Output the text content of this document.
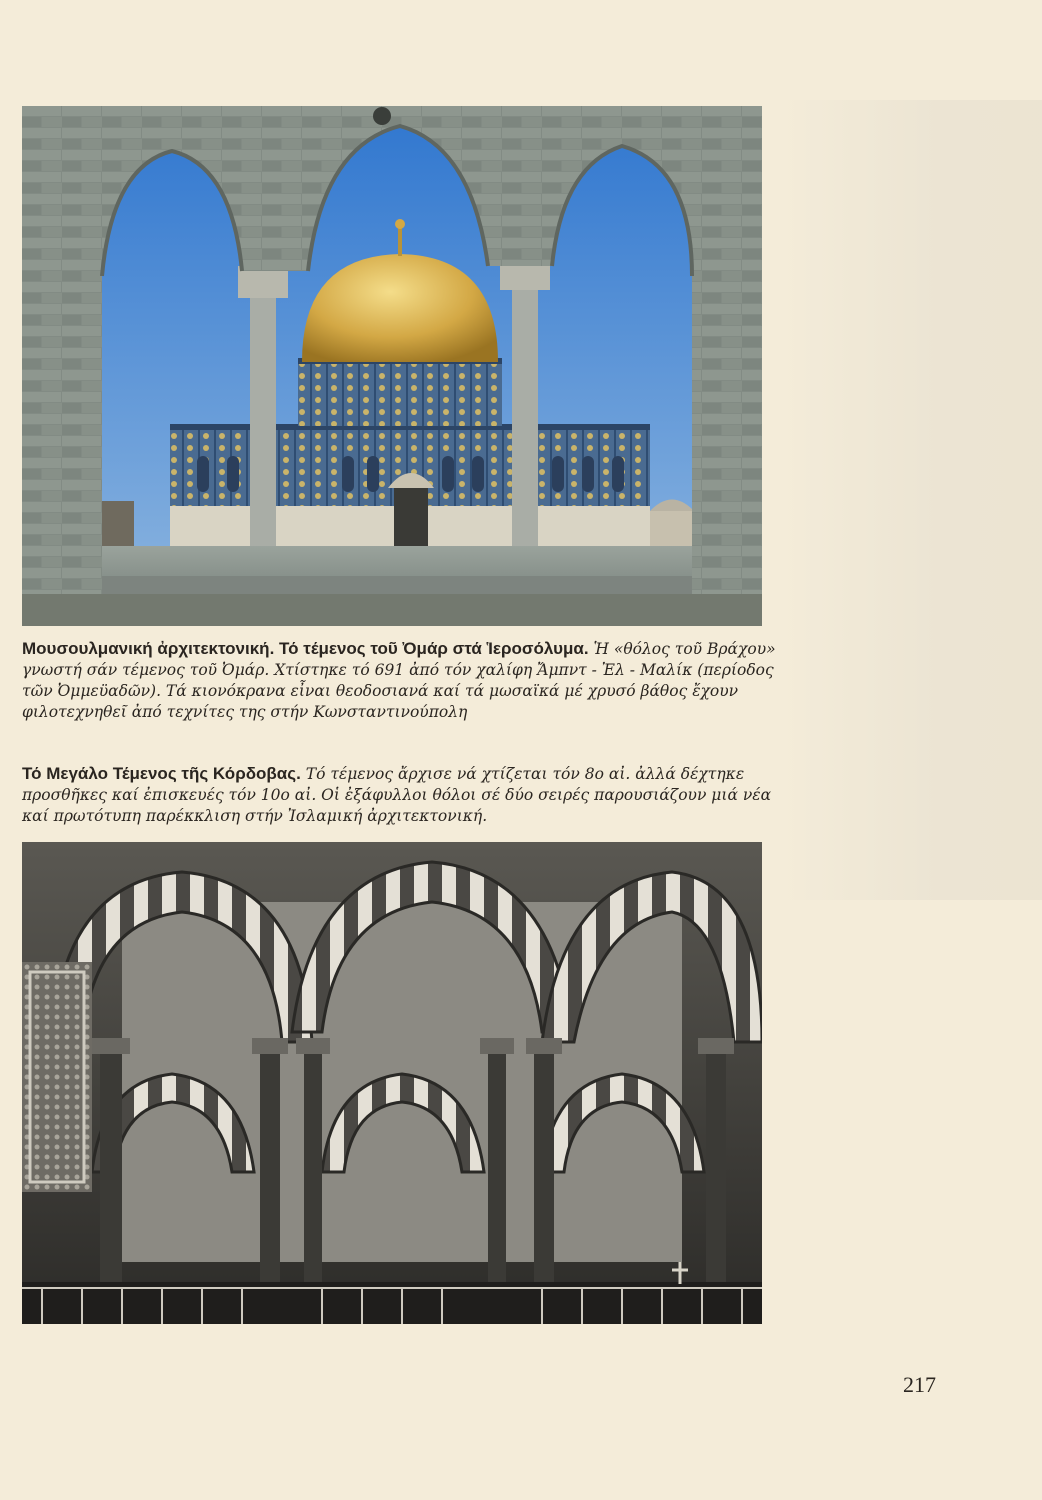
Μουσουλμανική ἀρχιτεκτονική. Τό τέμενος τοῦ Ὀμάρ στά Ἱεροσόλυμα. Ἡ «θόλος τοῦ Βράχου» γνωστή σάν τέμενος τοῦ Ὀμάρ. Χτίστηκε τό 691 ἀπό τόν χαλίφη Ἄμπντ - Ἐλ - Μαλίκ (περίοδος τῶν Ὀμμεϋαδῶν). Τά κιονόκρανα εἶναι θεοδοσιανά καί τά μωσαϊκά μέ χρυσό βάθος ἔχουν φιλοτεχνηθεῖ ἀπό τεχνίτες της στήν Κωνσταντινούπολη
Τό Μεγάλο Τέμενος τῆς Κόρδοβας. Τό τέμενος ἄρχισε νά χτίζεται τόν 8ο αἰ. ἀλλά δέχτηκε προσθῆκες καί ἐπισκευές τόν 10ο αἰ. Οἱ ἐξάφυλλοι θόλοι σέ δύο σειρές παρουσιάζουν μιά νέα καί πρωτότυπη παρέκκλιση στήν Ἰσλαμική ἀρχιτεκτονική.
217
